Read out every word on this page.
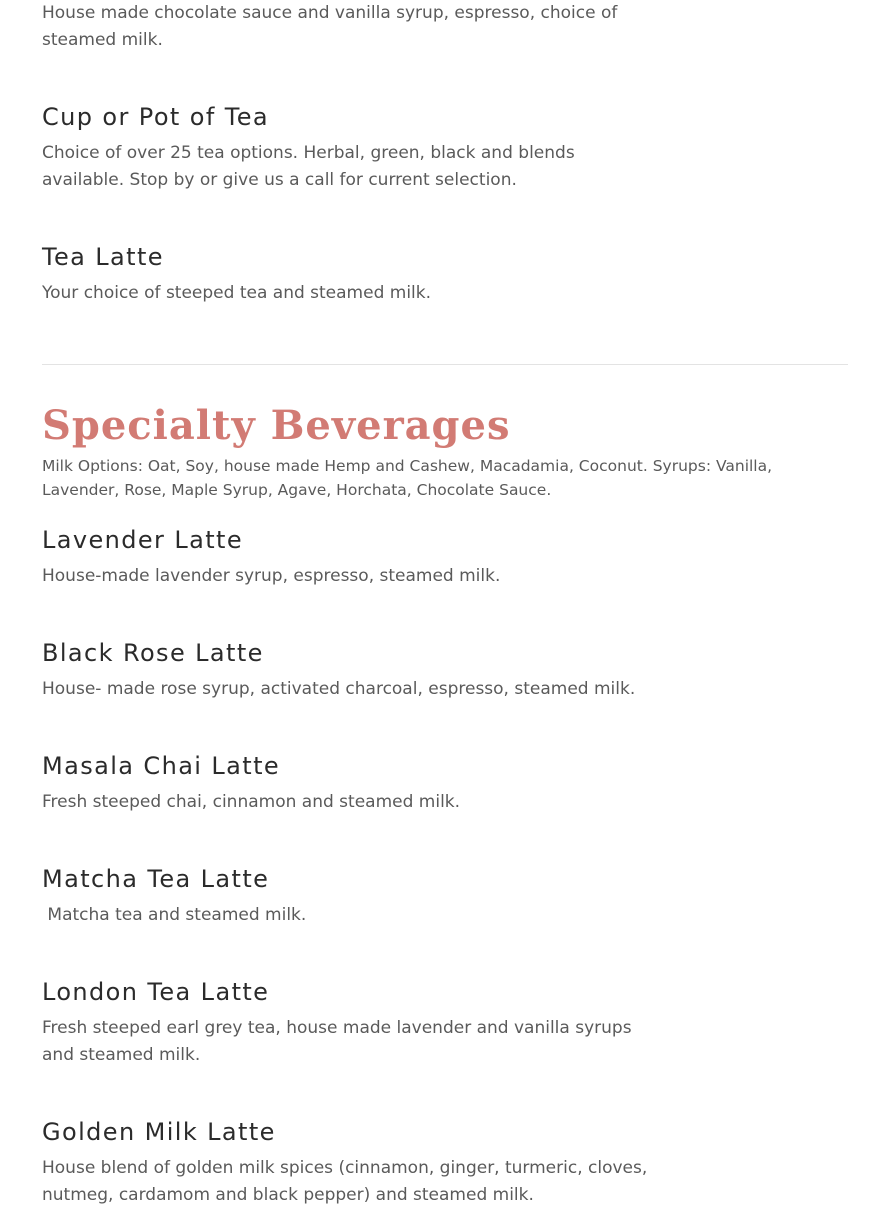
House made chocolate sauce and vanilla syrup, espresso, choice of steamed milk.

Cup or Pot of Tea

Choice of over 25 tea options. Herbal, green, black and blends available. Stop by or give us a call for current selection.

Tea Latte

Your choice of steeped tea and steamed milk.

Specialty Beverages

Milk Options: Oat, Soy, house made Hemp and Cashew, Macadamia, Coconut. Syrups: Vanilla, Lavender, Rose, Maple Syrup, Agave, Horchata, Chocolate Sauce.

Lavender Latte

House-made lavender syrup, espresso, steamed milk.

Black Rose Latte

House- made rose syrup, activated charcoal, espresso, steamed milk.

Masala Chai Latte

Fresh steeped chai, cinnamon and steamed milk.

Matcha Tea Latte

Matcha tea and steamed milk.

London Tea Latte

Fresh steeped earl grey tea, house made lavender and vanilla syrups and steamed milk.

Golden Milk Latte

House blend of golden milk spices (cinnamon, ginger, turmeric, cloves, nutmeg, cardamom and black pepper) and steamed milk.
